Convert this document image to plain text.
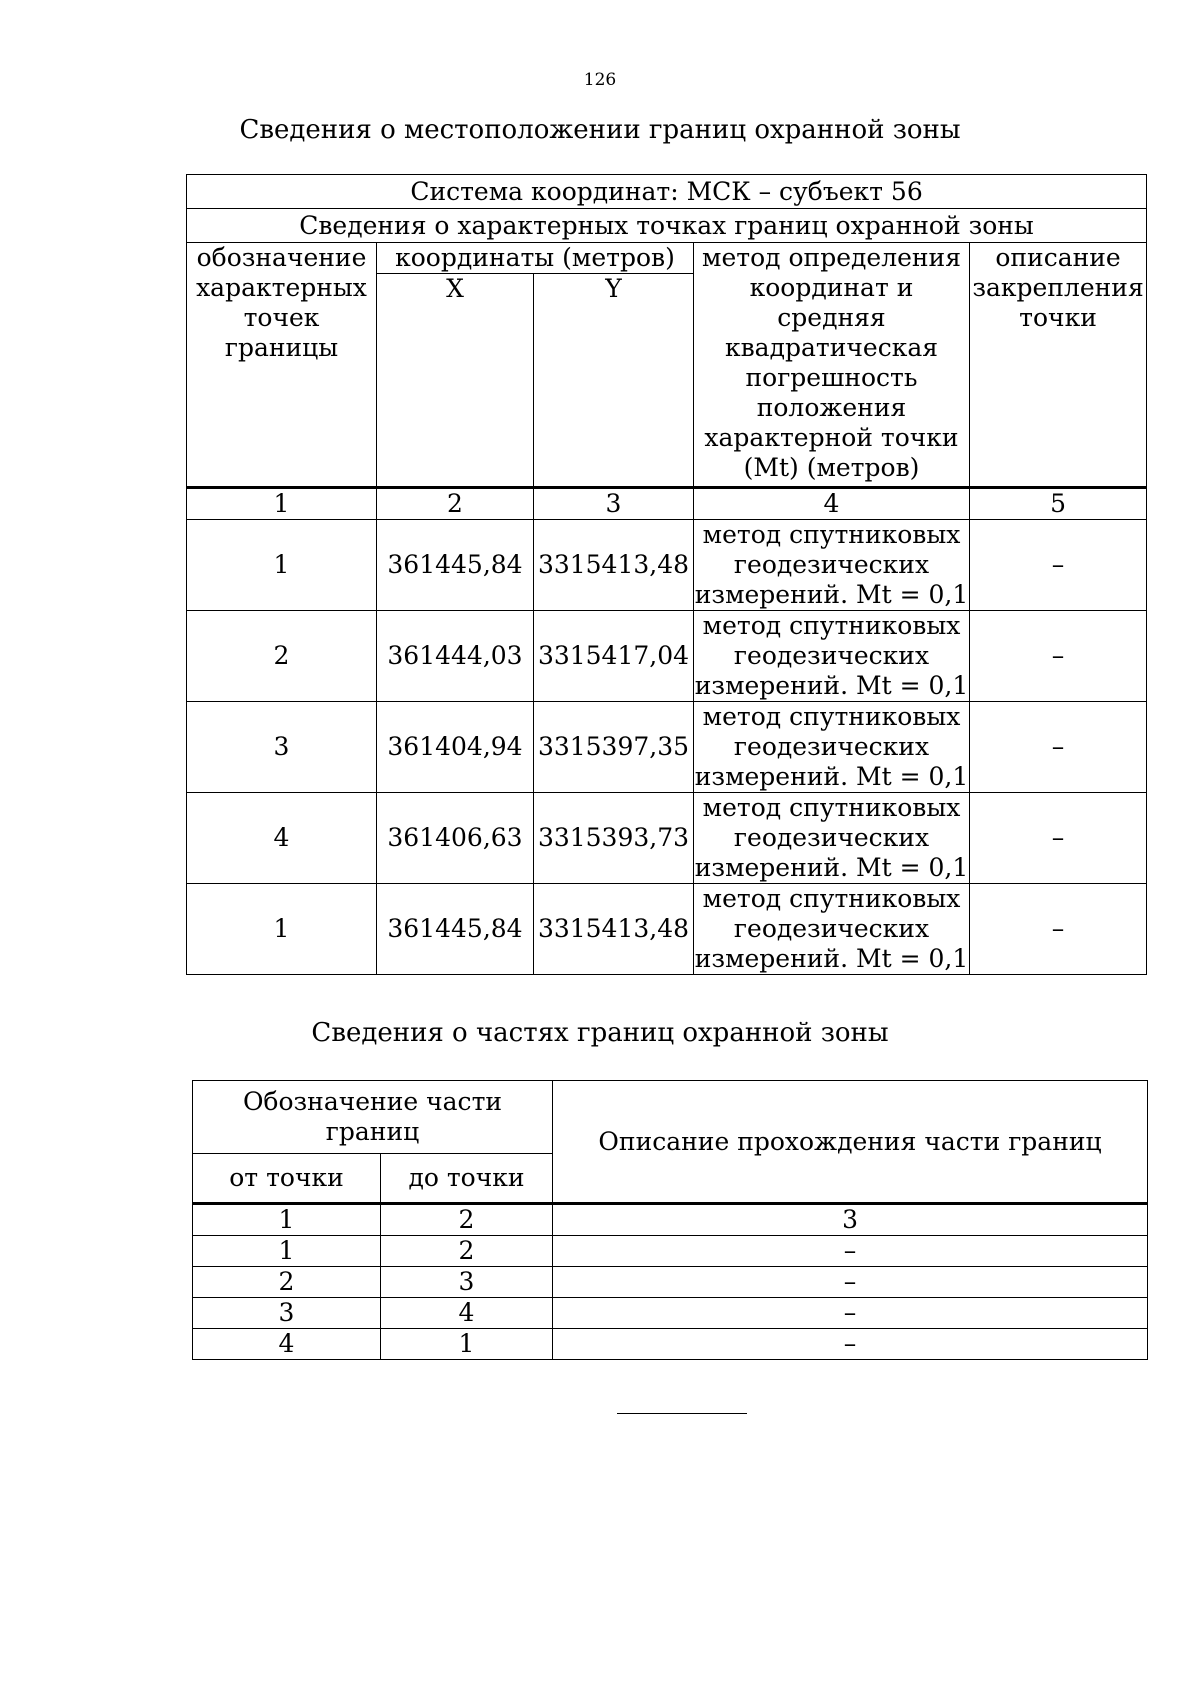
126
Сведения о местоположении границ охранной зоны
Система координат: МСК – субъект 56				
Сведения о характерных точках границ охранной зоны				
обозначение характерных точек границы	координаты (метров)		метод определения координат и средняя квадратическая погрешность положения характерной точки (Mt) (метров)	описание закрепления точки
	X	Y		
1	2	3	4	5
1	361445,84	3315413,48	метод спутниковых геодезических измерений. Mt = 0,1	–
2	361444,03	3315417,04	метод спутниковых геодезических измерений. Mt = 0,1	–
3	361404,94	3315397,35	метод спутниковых геодезических измерений. Mt = 0,1	–
4	361406,63	3315393,73	метод спутниковых геодезических измерений. Mt = 0,1	–
1	361445,84	3315413,48	метод спутниковых геодезических измерений. Mt = 0,1	–
Сведения о частях границ охранной зоны
Обозначение части границ		Описание прохождения части границ
от точки	до точки	
1	2	3
1	2	–
2	3	–
3	4	–
4	1	–
